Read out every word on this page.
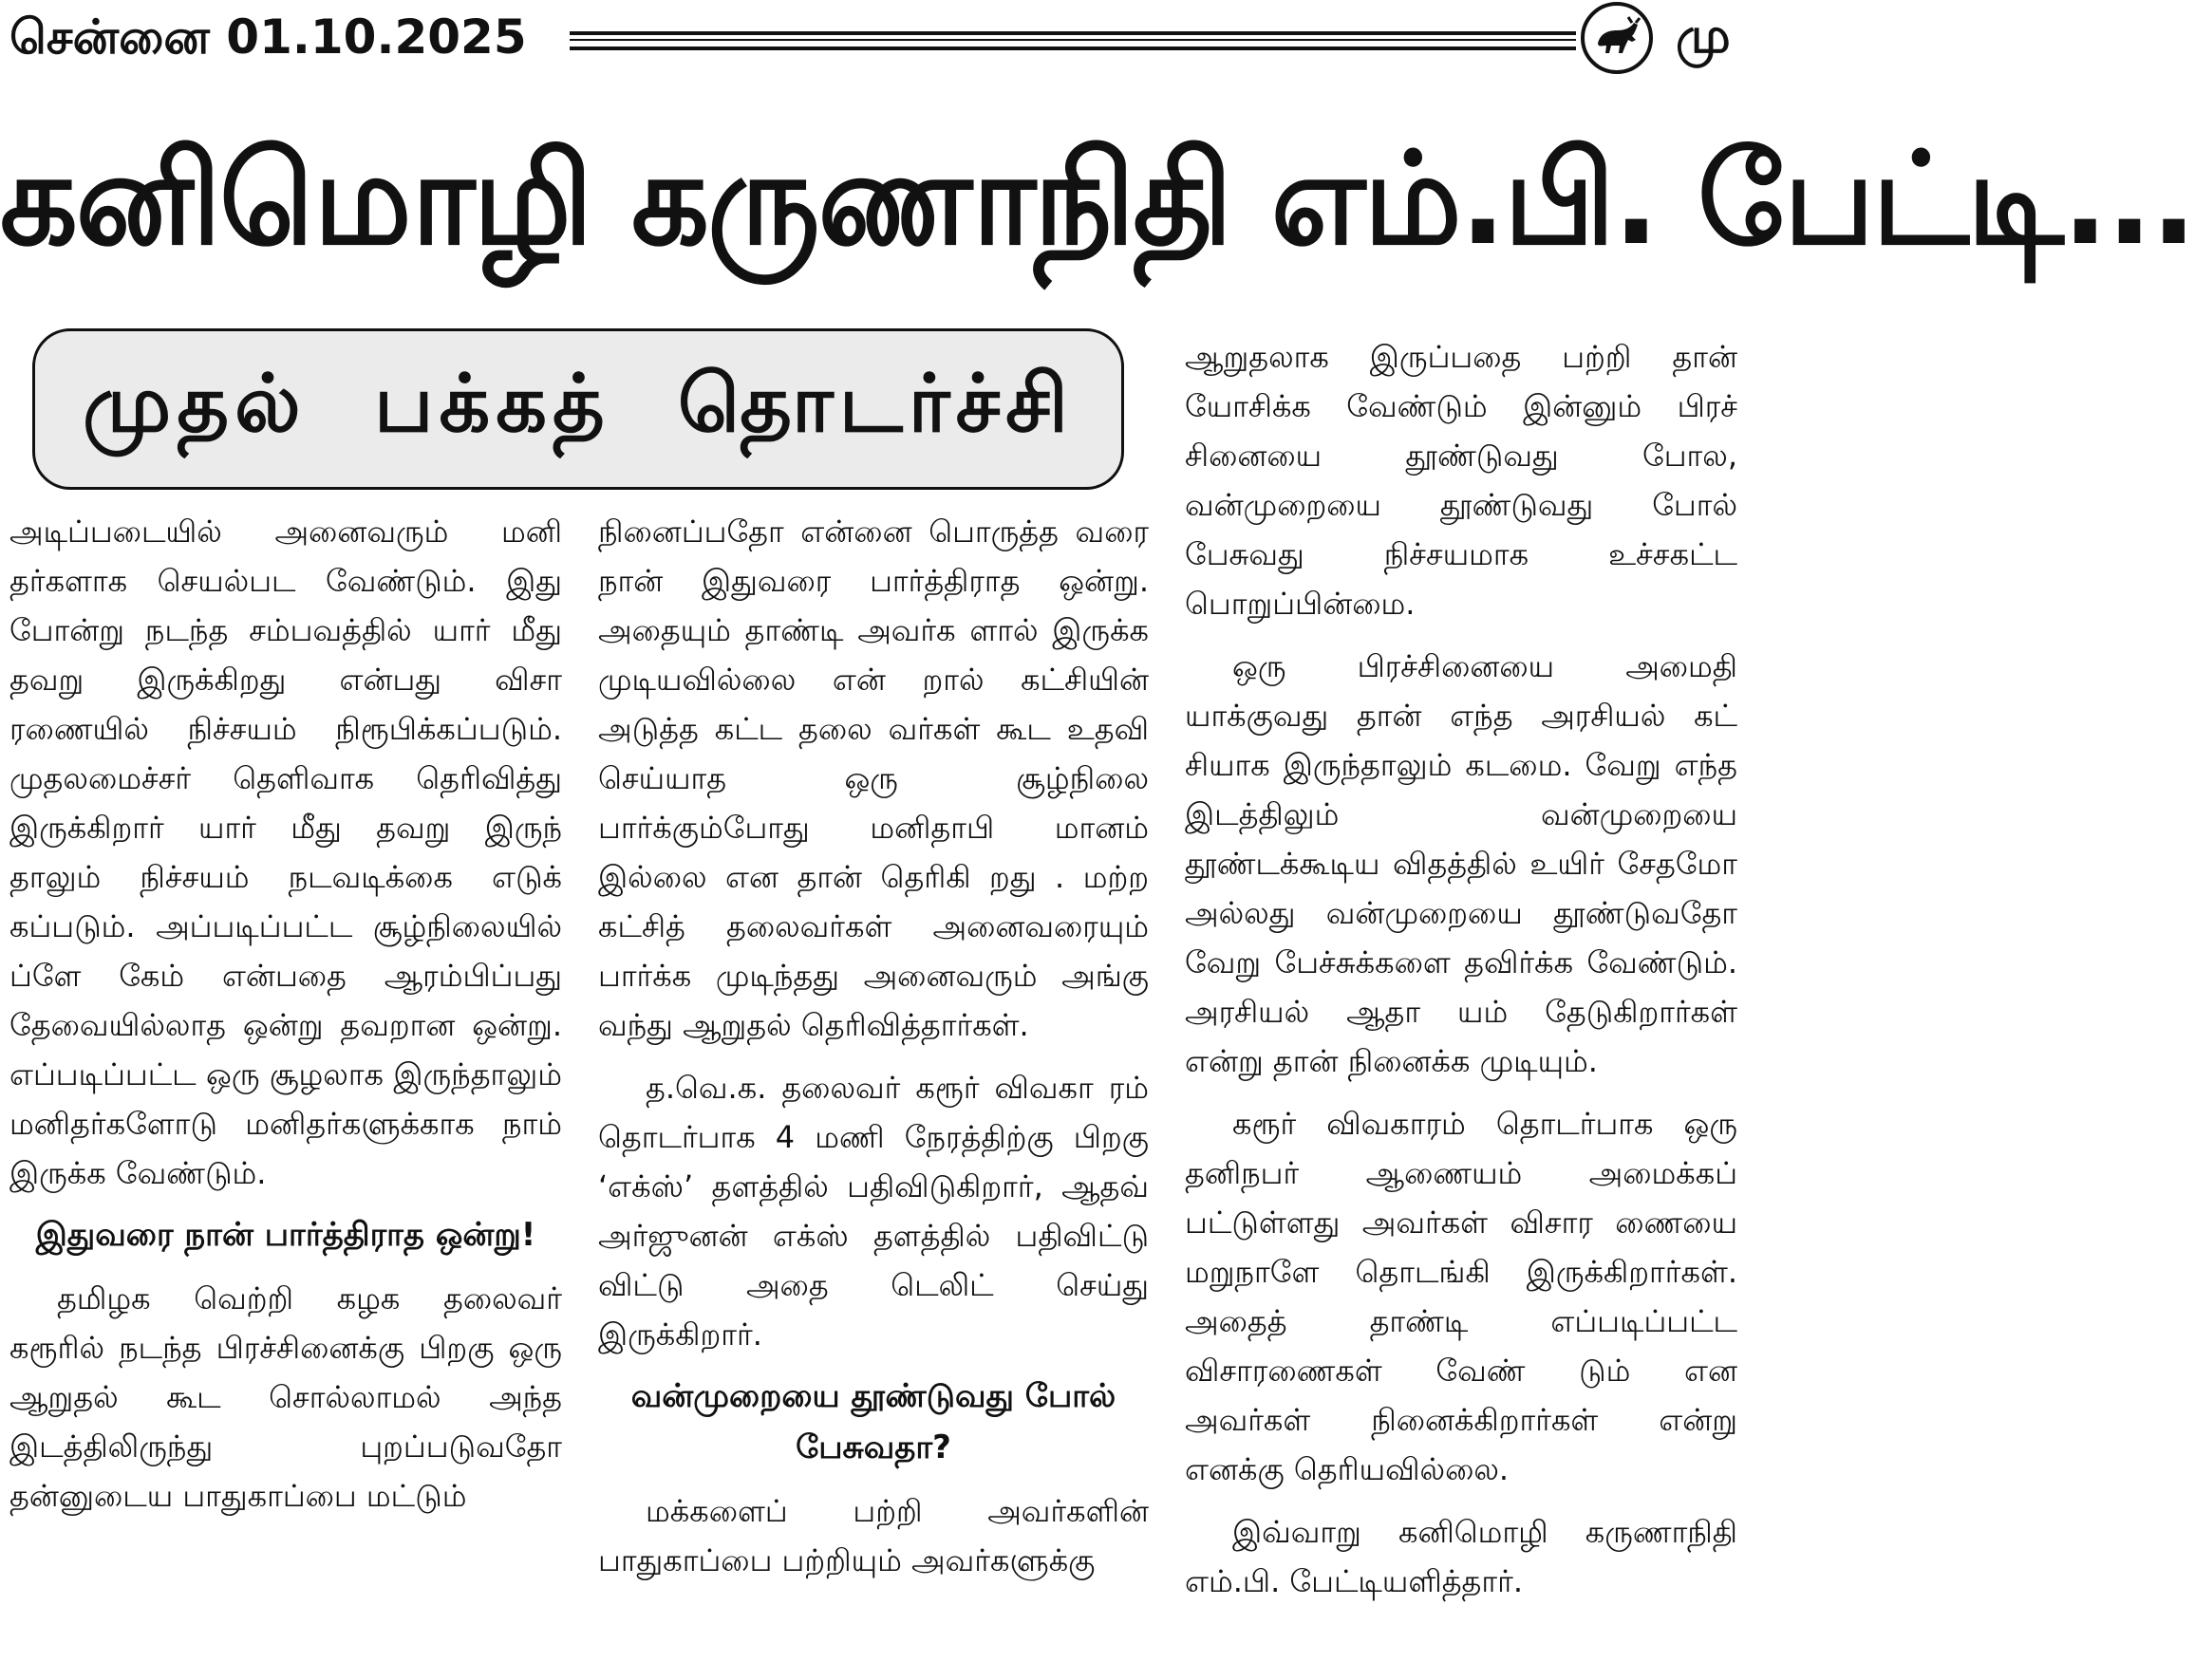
சென்னை 01.10.2025	மு
கனிமொழி கருணாநிதி எம்.பி. பேட்டி...
முதல் பக்கத் தொடர்ச்சி

அடிப்படையில் அனைவரும் மனி தர்களாக செயல்பட வேண்டும். இது போன்று நடந்த சம்பவத்தில் யார் மீது தவறு இருக்கிறது என்பது விசா ரணையில் நிச்சயம் நிரூபிக்கப்படும். முதலமைச்சர் தெளிவாக தெரிவித்து இருக்கிறார் யார் மீது தவறு இருந் தாலும் நிச்சயம் நடவடிக்கை எடுக் கப்படும். அப்படிப்பட்ட சூழ்நிலையில் ப்ளே கேம் என்பதை ஆரம்பிப்பது தேவையில்லாத ஒன்று தவறான ஒன்று. எப்படிப்பட்ட ஒரு சூழலாக இருந்தாலும் மனிதர்களோடு மனிதர்களுக்காக நாம் இருக்க வேண்டும்.

இதுவரை நான் பார்த்திராத ஒன்று!

தமிழக வெற்றி கழக தலைவர் கரூரில் நடந்த பிரச்சினைக்கு பிறகு ஒரு ஆறுதல் கூட சொல்லாமல் அந்த இடத்திலிருந்து புறப்படுவதோ தன்னுடைய பாதுகாப்பை மட்டும்

நினைப்பதோ என்னை பொருத்த வரை நான் இதுவரை பார்த்திராத ஒன்று. அதையும் தாண்டி அவர்க ளால் இருக்க முடியவில்லை என் றால் கட்சியின் அடுத்த கட்ட தலை வர்கள் கூட உதவி செய்யாத ஒரு சூழ்நிலை பார்க்கும்போது மனிதாபி மானம் இல்லை என தான் தெரிகி றது . மற்ற கட்சித் தலைவர்கள் அனைவரையும் பார்க்க முடிந்தது அனைவரும் அங்கு வந்து ஆறுதல் தெரிவித்தார்கள்.

த.வெ.க. தலைவர் கரூர் விவகா ரம் தொடர்பாக 4 மணி நேரத்திற்கு பிறகு ‘எக்ஸ்’ தளத்தில் பதிவிடுகிறார், ஆதவ் அர்ஜுனன் எக்ஸ் தளத்தில் பதிவிட்டு விட்டு அதை டெலிட் செய்து இருக்கிறார்.

வன்முறையை தூண்டுவது போல் பேசுவதா?

மக்களைப் பற்றி அவர்களின் பாதுகாப்பை பற்றியும் அவர்களுக்கு

ஆறுதலாக இருப்பதை பற்றி தான் யோசிக்க வேண்டும் இன்னும் பிரச் சினையை தூண்டுவது போல, வன்முறையை தூண்டுவது போல் பேசுவது நிச்சயமாக உச்சகட்ட பொறுப்பின்மை.

ஒரு பிரச்சினையை அமைதி யாக்குவது தான் எந்த அரசியல் கட் சியாக இருந்தாலும் கடமை. வேறு எந்த இடத்திலும் வன்முறையை தூண்டக்கூடிய விதத்தில் உயிர் சேதமோ அல்லது வன்முறையை தூண்டுவதோ வேறு பேச்சுக்களை தவிர்க்க வேண்டும். அரசியல் ஆதா யம் தேடுகிறார்கள் என்று தான் நினைக்க முடியும்.

கரூர் விவகாரம் தொடர்பாக ஒரு தனிநபர் ஆணையம் அமைக்கப் பட்டுள்ளது அவர்கள் விசார ணையை மறுநாளே தொடங்கி இருக்கிறார்கள். அதைத் தாண்டி எப்படிப்பட்ட விசாரணைகள் வேண் டும் என அவர்கள் நினைக்கிறார்கள் என்று எனக்கு தெரியவில்லை.

இவ்வாறு கனிமொழி கருணாநிதி எம்.பி. பேட்டியளித்தார்.
